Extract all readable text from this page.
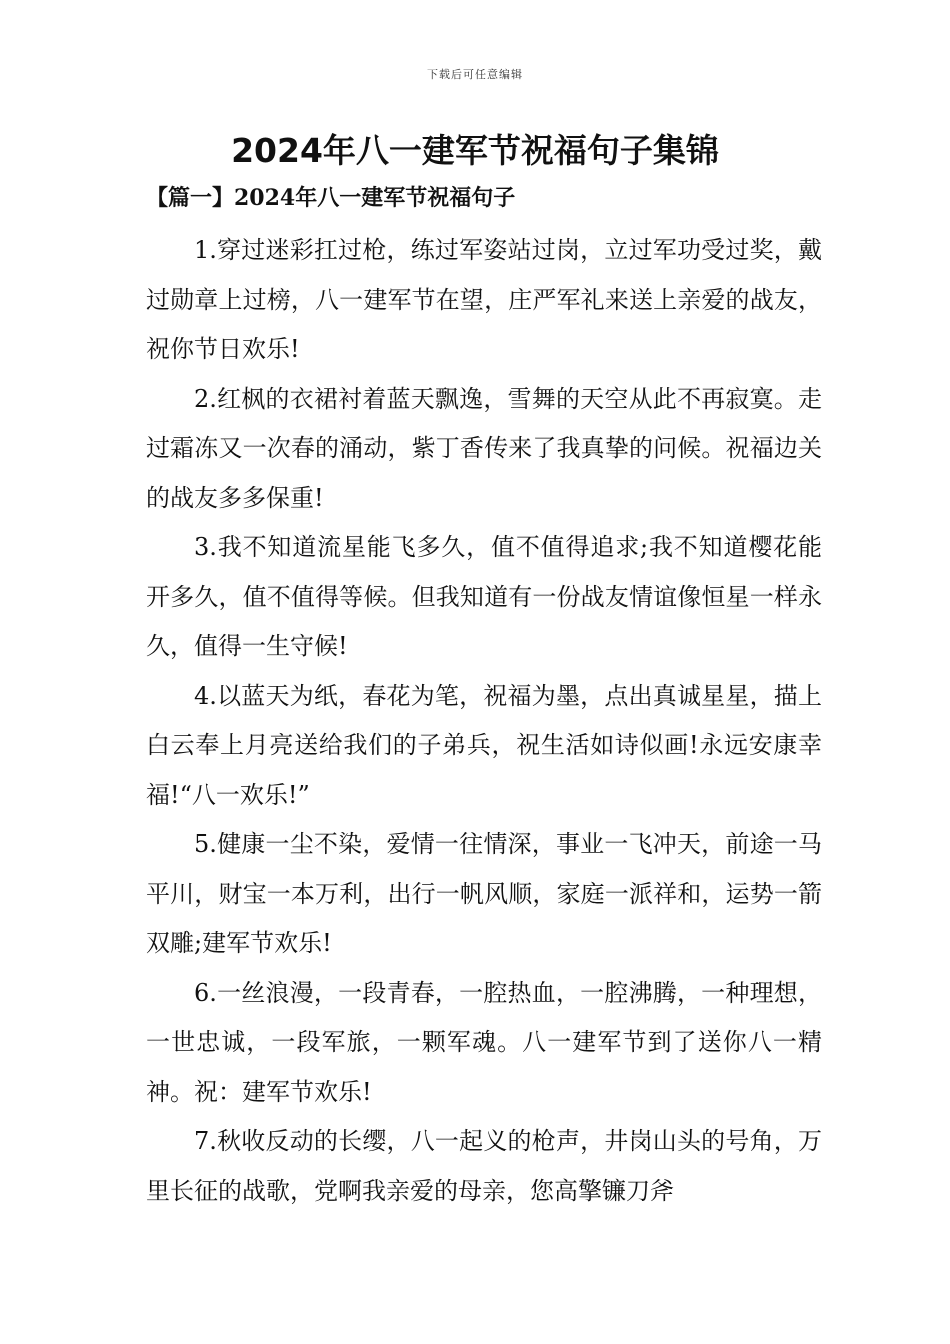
下载后可任意编辑
2024年八一建军节祝福句子集锦
【篇一】2024年八一建军节祝福句子

1.穿过迷彩扛过枪，练过军姿站过岗，立过军功受过奖，戴过勋章上过榜，八一建军节在望，庄严军礼来送上亲爱的战友，祝你节日欢乐!

2.红枫的衣裙衬着蓝天飘逸，雪舞的天空从此不再寂寞。走过霜冻又一次春的涌动，紫丁香传来了我真挚的问候。祝福边关的战友多多保重!

3.我不知道流星能飞多久，值不值得追求;我不知道樱花能开多久，值不值得等候。但我知道有一份战友情谊像恒星一样永久，值得一生守候!

4.以蓝天为纸，春花为笔，祝福为墨，点出真诚星星，描上白云奉上月亮送给我们的子弟兵，祝生活如诗似画!永远安康幸福!“八一欢乐!”

5.健康一尘不染，爱情一往情深，事业一飞冲天，前途一马平川，财宝一本万利，出行一帆风顺，家庭一派祥和，运势一箭双雕;建军节欢乐!

6.一丝浪漫，一段青春，一腔热血，一腔沸腾，一种理想，一世忠诚，一段军旅，一颗军魂。八一建军节到了送你八一精神。祝：建军节欢乐!

7.秋收反动的长缨，八一起义的枪声，井岗山头的号角，万里长征的战歌，党啊我亲爱的母亲，您高擎镰刀斧
